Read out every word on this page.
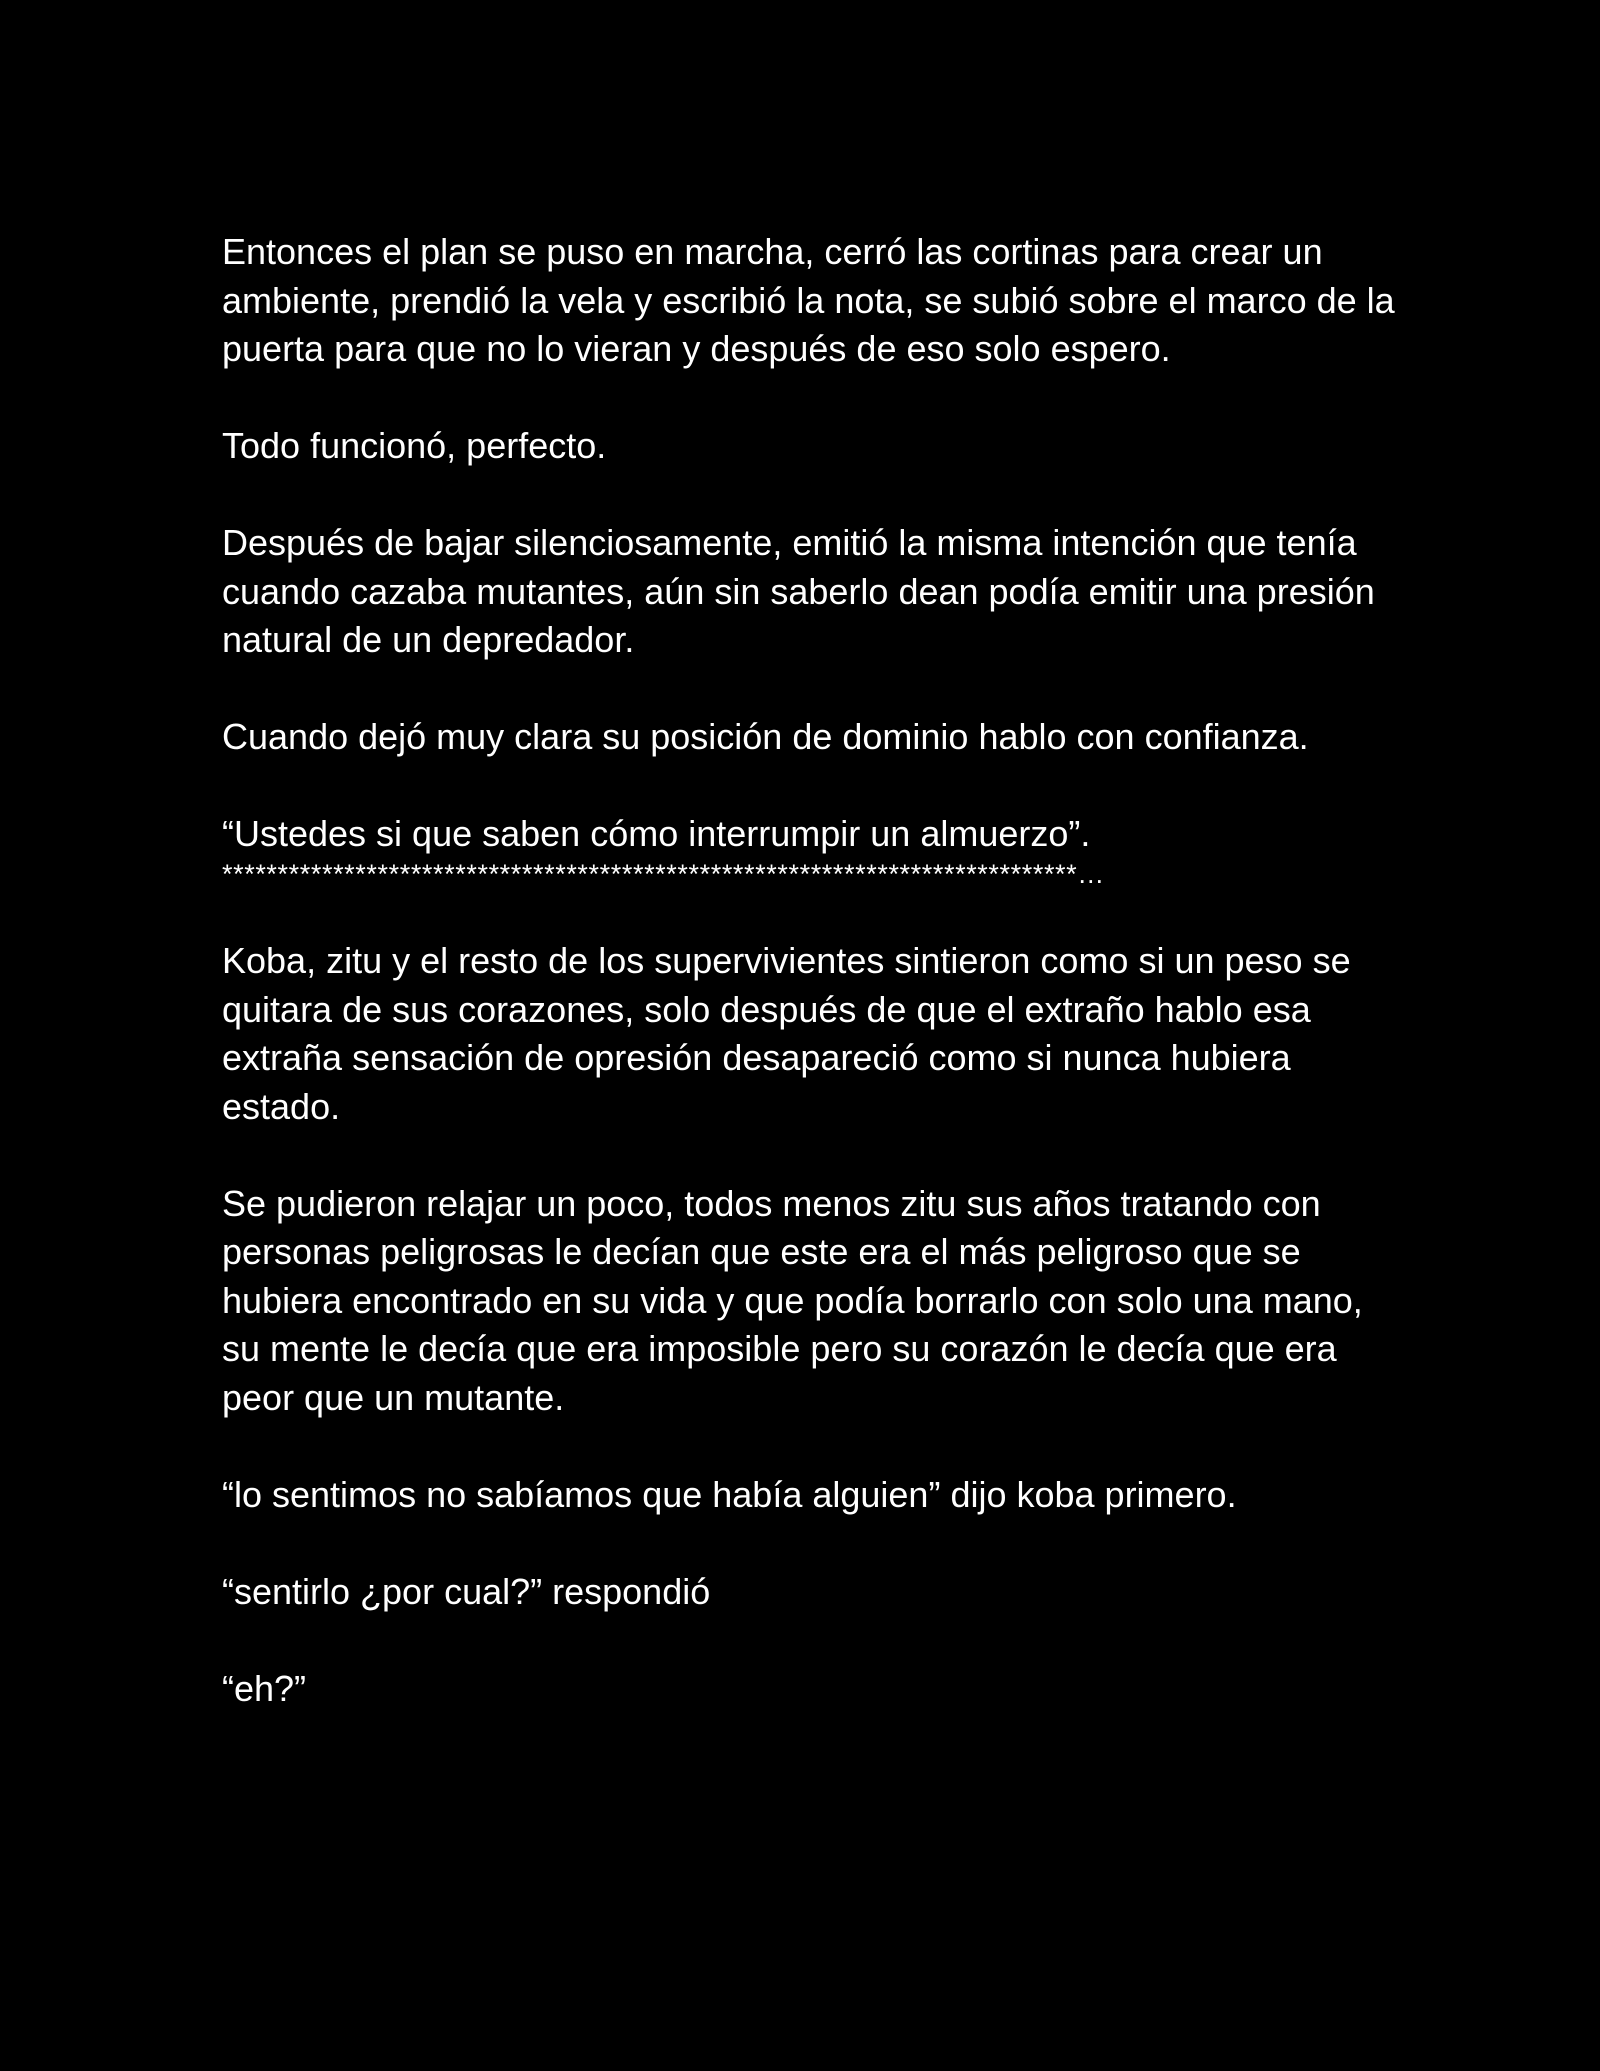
Entonces el plan se puso en marcha, cerró las cortinas para crear un ambiente, prendió la vela y escribió la nota, se subió sobre el marco de la puerta para que no lo vieran y después de eso solo espero.

Todo funcionó, perfecto.

Después de bajar silenciosamente, emitió la misma intención que tenía cuando cazaba mutantes, aún sin saberlo dean podía emitir una presión natural de un depredador.

Cuando dejó muy clara su posición de dominio hablo con confianza.

“Ustedes si que saben cómo interrumpir un almuerzo”.

*****************************************************************************…

Koba, zitu y el resto de los supervivientes sintieron como si un peso se quitara de sus corazones, solo después de que el extraño hablo esa extraña sensación de opresión desapareció como si nunca hubiera estado.

Se pudieron relajar un poco, todos menos zitu sus años tratando con personas peligrosas le decían que este era el más peligroso que se hubiera encontrado en su vida y que podía borrarlo con solo una mano, su mente le decía que era imposible pero su corazón le decía que era peor que un mutante.

“lo sentimos no sabíamos que había alguien” dijo koba primero.

“sentirlo ¿por cual?” respondió

“eh?”
